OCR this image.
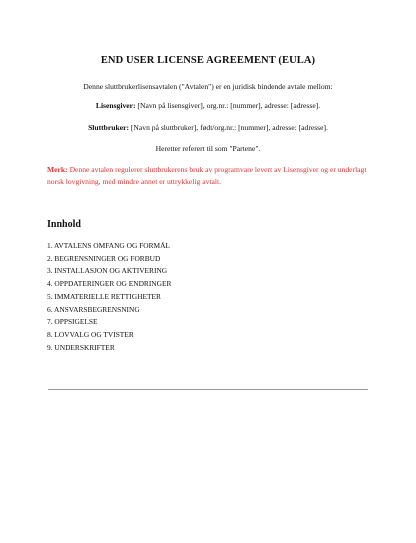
END USER LICENSE AGREEMENT (EULA)
Denne sluttbrukerlisensavtalen ("Avtalen") er en juridisk bindende avtale mellom:
Lisensgiver: [Navn på lisensgiver], org.nr.: [nummer], adresse: [adresse].
Sluttbruker: [Navn på sluttbruker], født/org.nr.: [nummer], adresse: [adresse].
Heretter referert til som "Partene".
Merk: Denne avtalen regulerer sluttbrukerens bruk av programvare levert av Lisensgiver og er underlagt norsk lovgivning, med mindre annet er uttrykkelig avtalt.
Innhold
1. AVTALENS OMFANG OG FORMÅL
2. BEGRENSNINGER OG FORBUD
3. INSTALLASJON OG AKTIVERING
4. OPPDATERINGER OG ENDRINGER
5. IMMATERIELLE RETTIGHETER
6. ANSVARSBEGRENSNING
7. OPPSIGELSE
8. LOVVALG OG TVISTER
9. UNDERSKRIFTER
